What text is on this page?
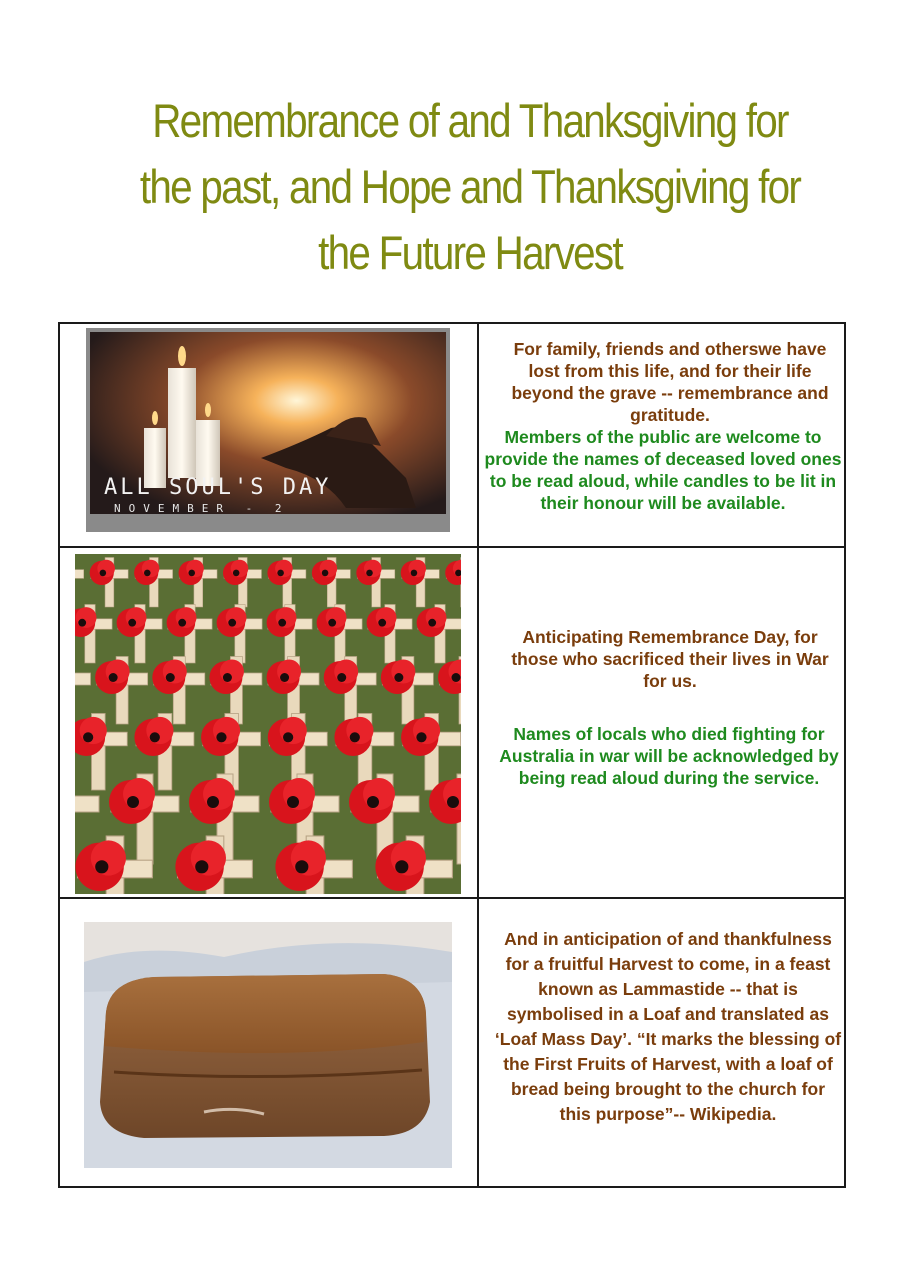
Remembrance of and Thanksgiving for the past, and Hope and Thanksgiving for the Future Harvest
ALL SOUL'S DAY
NOVEMBER - 2
For family, friends and otherswe have lost from this life, and for their life beyond the grave -- remembrance and gratitude.
Members of the public are welcome to provide the names of deceased loved ones to be read aloud, while candles to be lit in their honour will be available.
Anticipating Remembrance Day, for those who sacrificed their lives in War for us.
Names of locals who died fighting for Australia in war will be acknowledged by being read aloud during the service.
And in anticipation of and thankfulness for a fruitful Harvest to come, in a feast known as Lammastide -- that is symbolised in a Loaf and translated as ‘Loaf Mass Day’. “It marks the blessing of the First Fruits of Harvest, with a loaf of bread being brought to the church for this purpose”-- Wikipedia.
